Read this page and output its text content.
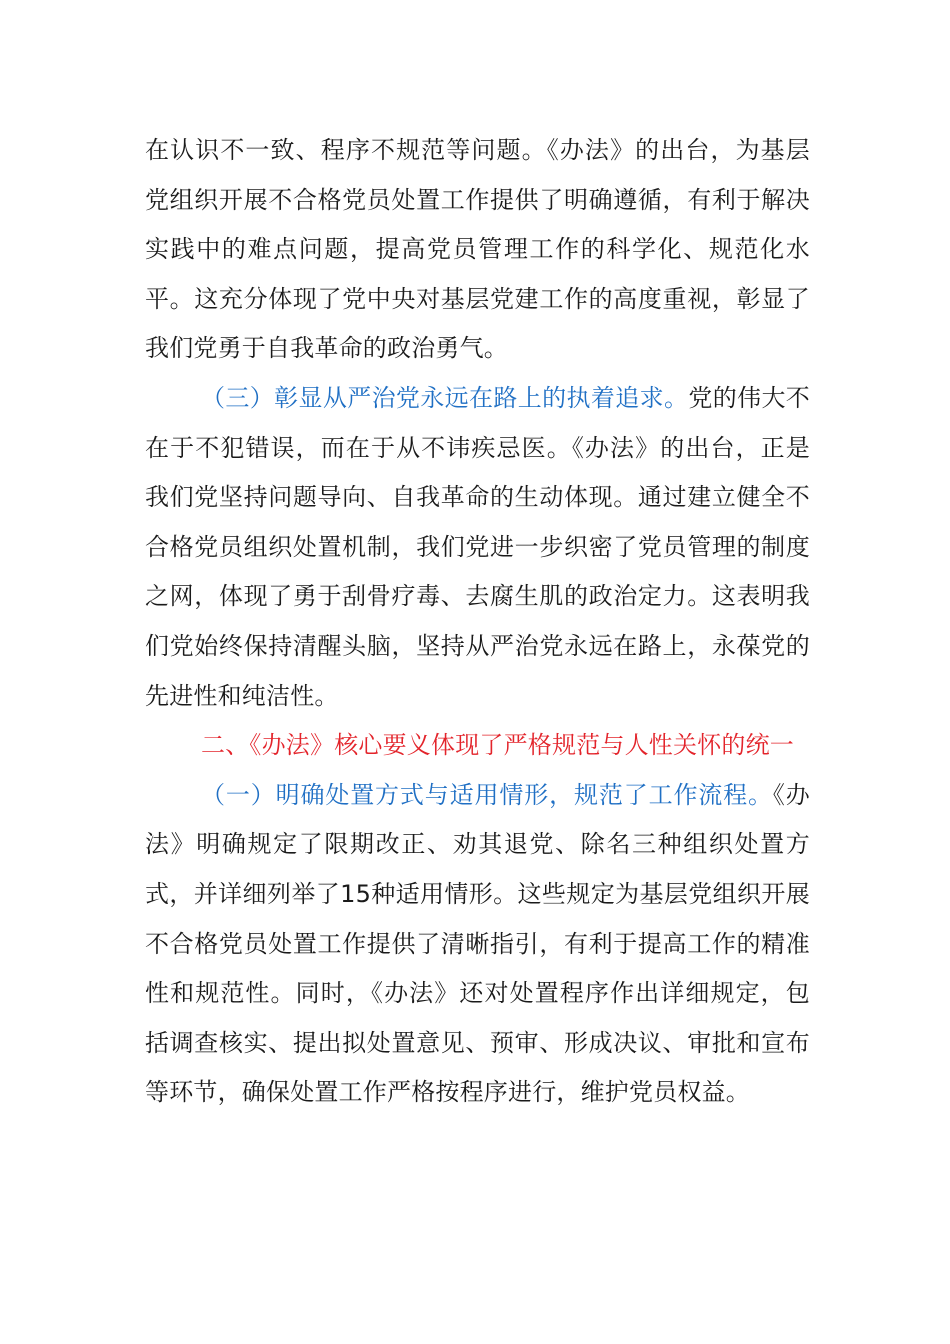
在认识不一致、程序不规范等问题。《办法》的出台，为基层党组织开展不合格党员处置工作提供了明确遵循，有利于解决实践中的难点问题，提高党员管理工作的科学化、规范化水平。这充分体现了党中央对基层党建工作的高度重视，彰显了我们党勇于自我革命的政治勇气。

（三）彰显从严治党永远在路上的执着追求。党的伟大不在于不犯错误，而在于从不讳疾忌医。《办法》的出台，正是我们党坚持问题导向、自我革命的生动体现。通过建立健全不合格党员组织处置机制，我们党进一步织密了党员管理的制度之网，体现了勇于刮骨疗毒、去腐生肌的政治定力。这表明我们党始终保持清醒头脑，坚持从严治党永远在路上，永葆党的先进性和纯洁性。

二、《办法》核心要义体现了严格规范与人性关怀的统一

（一）明确处置方式与适用情形，规范了工作流程。《办法》明确规定了限期改正、劝其退党、除名三种组织处置方式，并详细列举了15种适用情形。这些规定为基层党组织开展不合格党员处置工作提供了清晰指引，有利于提高工作的精准性和规范性。同时，《办法》还对处置程序作出详细规定，包括调查核实、提出拟处置意见、预审、形成决议、审批和宣布等环节，确保处置工作严格按程序进行，维护党员权益。
